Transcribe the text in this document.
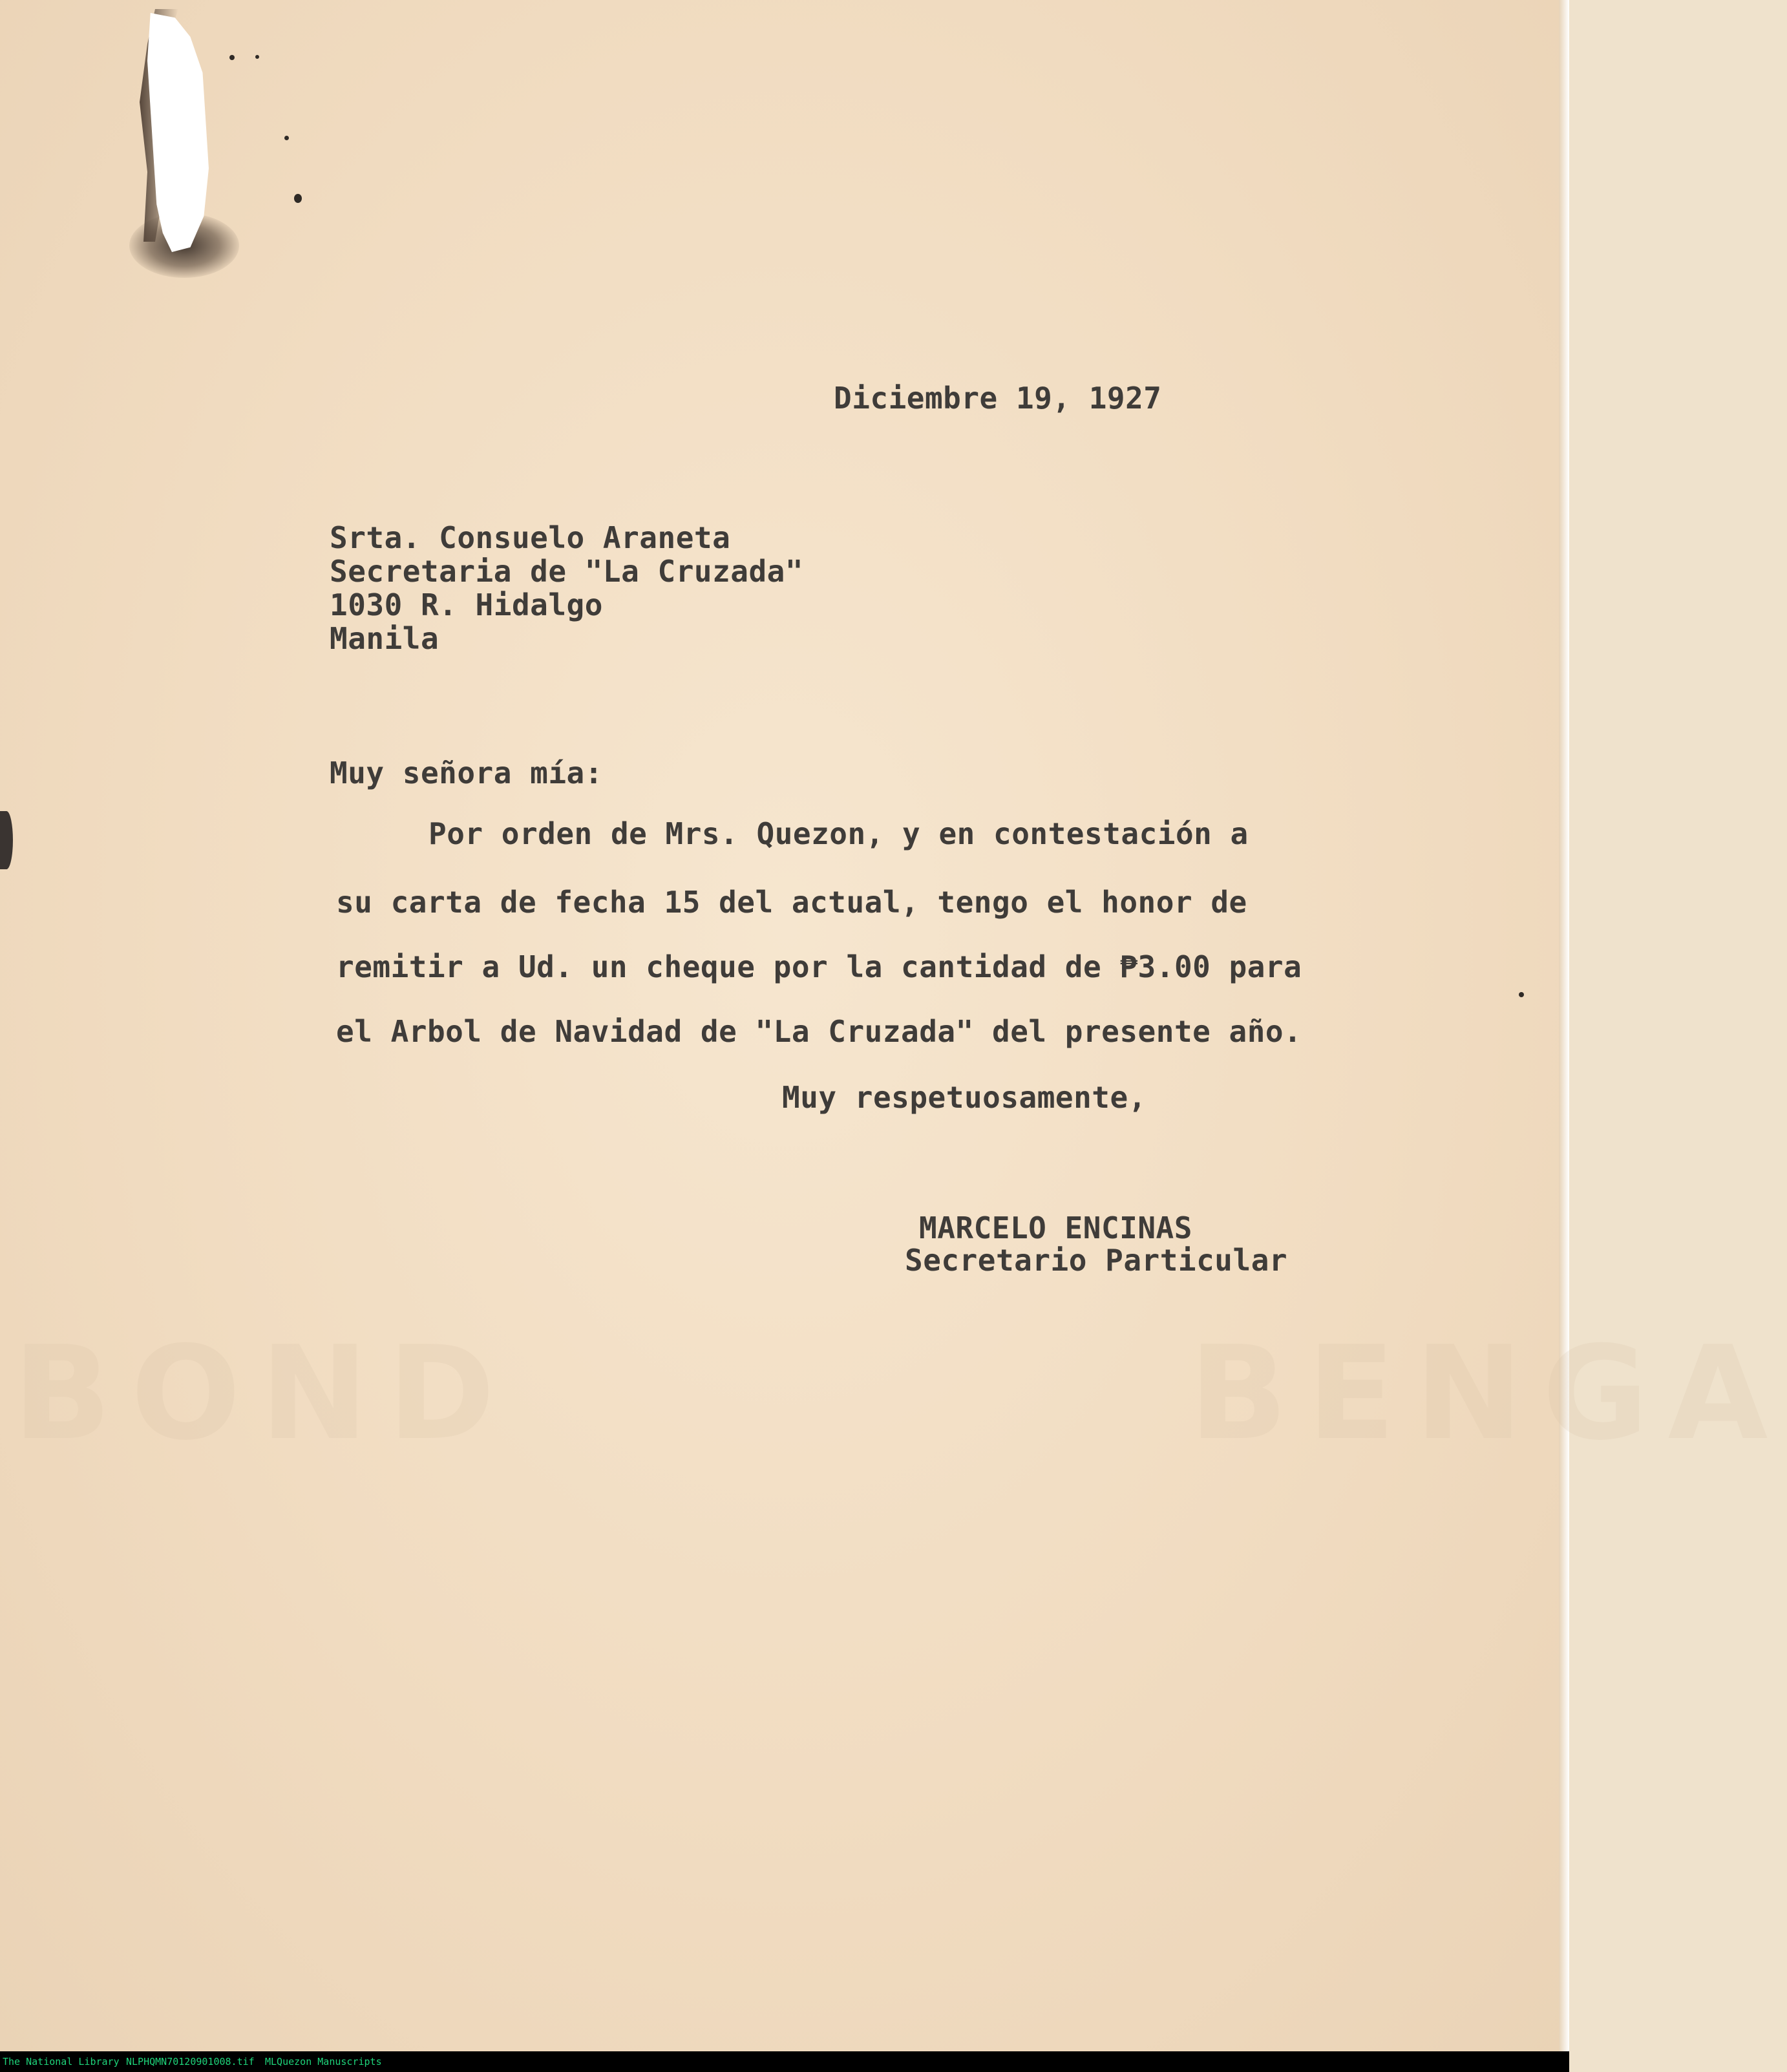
BOND	BENGA
Diciembre 19, 1927
Srta. Consuelo Araneta
Secretaria de "La Cruzada"
1030 R. Hidalgo
Manila
Muy señora mía:
Por orden de Mrs. Quezon, y en contestación a
su carta de fecha 15 del actual, tengo el honor de
remitir a Ud. un cheque por la cantidad de ₱3.00 para
el Arbol de Navidad de "La Cruzada" del presente año.
Muy respetuosamente,
MARCELO ENCINAS
Secretario Particular
The National Library NLPHQMN70120901008.tif MLQuezon Manuscripts
